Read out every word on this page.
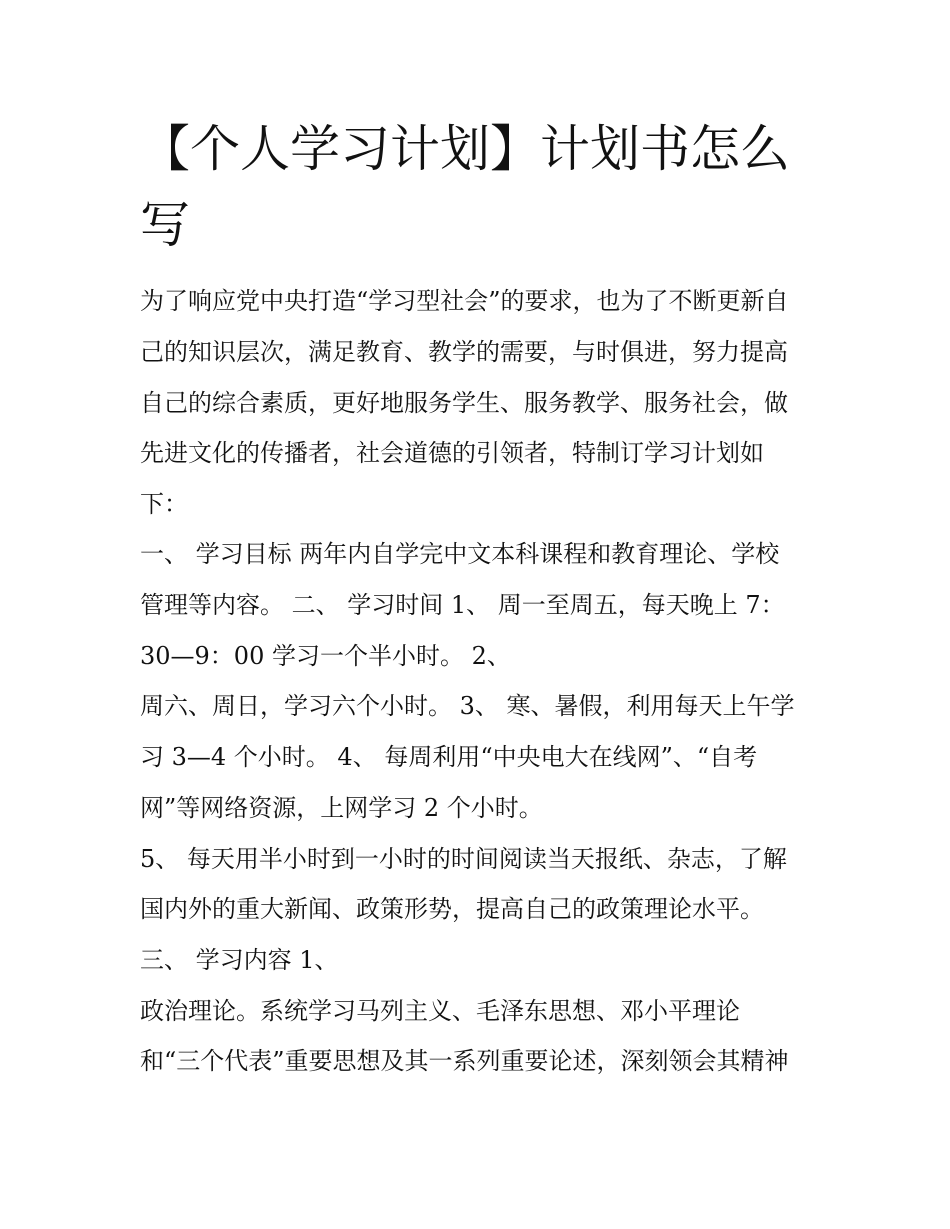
【个人学习计划】计划书怎么
写

为了响应党中央打造“学习型社会”的要求，也为了不断更新自

己的知识层次，满足教育、教学的需要，与时俱进，努力提高

自己的综合素质，更好地服务学生、服务教学、服务社会，做

先进文化的传播者，社会道德的引领者，特制订学习计划如

下：

一、 学习目标 两年内自学完中文本科课程和教育理论、学校

管理等内容。 二、 学习时间 1、 周一至周五，每天晚上 7：

30—9：00 学习一个半小时。 2、

周六、周日，学习六个小时。 3、 寒、暑假，利用每天上午学

习 3—4 个小时。 4、 每周利用“中央电大在线网”、“自考

网”等网络资源，上网学习 2 个小时。

5、 每天用半小时到一小时的时间阅读当天报纸、杂志，了解

国内外的重大新闻、政策形势，提高自己的政策理论水平。

三、 学习内容 1、

政治理论。系统学习马列主义、毛泽东思想、邓小平理论

和“三个代表”重要思想及其一系列重要论述，深刻领会其精神
